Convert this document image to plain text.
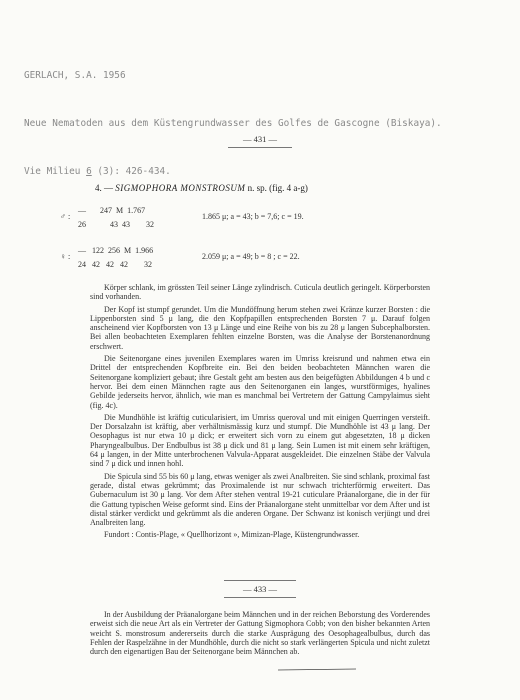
GERLACH, S.A. 1956

Neue Nematoden aus dem Küstengrundwasser des Golfes de Gascogne (Biskaya).

Vie Milieu 6 (3): 426-434.

— 431 —
4. — SIGMOPHORA MONSTROSUM n. sp. (fig. 4 a-g)
♂ :
—       247  M  1.767
26            43  43        32
1.865 μ; a = 43; b = 7,6; c = 19.
♀ :
—   122  256  M  1.966
24   42   42   42        32
2.059 μ; a = 49; b = 8 ; c = 22.

Körper schlank, im grössten Teil seiner Länge zylindrisch. Cuticula deutlich geringelt. Körperborsten sind vorhanden.

Der Kopf ist stumpf gerundet. Um die Mundöffnung herum stehen zwei Kränze kurzer Borsten : die Lippenborsten sind 5 μ lang, die den Kopfpapillen entsprechenden Borsten 7 μ. Darauf folgen anscheinend vier Kopfborsten von 13 μ Länge und eine Reihe von bis zu 28 μ langen Subcephalborsten. Bei allen beobachteten Exemplaren fehlten einzelne Borsten, was die Analyse der Borstenanordnung erschwert.

Die Seitenorgane eines juvenilen Exemplares waren im Umriss kreisrund und nahmen etwa ein Drittel der entsprechenden Kopfbreite ein. Bei den beiden beobachteten Männchen waren die Seitenorgane kompliziert gebaut; ihre Gestalt geht am besten aus den beigefügten Abbildungen 4 b und c hervor. Bei dem einen Männchen ragte aus den Seitenorganen ein langes, wurstförmiges, hyalines Gebilde jederseits hervor, ähnlich, wie man es manchmal bei Vertretern der Gattung Campylaimus sieht (fig. 4c).

Die Mundhöhle ist kräftig cuticularisiert, im Umriss queroval und mit einigen Querringen versteift. Der Dorsalzahn ist kräftig, aber verhältnismässig kurz und stumpf. Die Mundhöhle ist 43 μ lang. Der Oesophagus ist nur etwa 10 μ dick; er erweitert sich vorn zu einem gut abgesetzten, 18 μ dicken Pharyngealbulbus. Der Endbulbus ist 38 μ dick und 81 μ lang. Sein Lumen ist mit einem sehr kräftigen, 64 μ langen, in der Mitte unterbrochenen Valvula-Apparat ausgekleidet. Die einzelnen Stäbe der Valvula sind 7 μ dick und innen hohl.

Die Spicula sind 55 bis 60 μ lang, etwas weniger als zwei Analbreiten. Sie sind schlank, proximal fast gerade, distal etwas gekrümmt; das Proximalende ist nur schwach trichterförmig erweitert. Das Gubernaculum ist 30 μ lang. Vor dem After stehen ventral 19-21 cuticulare Präanalorgane, die in der für die Gattung typischen Weise geformt sind. Eins der Präanalorgane steht unmittelbar vor dem After und ist distal stärker verdickt und gekrümmt als die anderen Organe. Der Schwanz ist konisch verjüngt und drei Analbreiten lang.

Fundort : Contis-Plage, « Quellhorizont », Mimizan-Plage, Küstengrundwasser.

— 433 —

In der Ausbildung der Präanalorgane beim Männchen und in der reichen Beborstung des Vorderendes erweist sich die neue Art als ein Vertreter der Gattung Sigmophora Cobb; von den bisher bekannten Arten weicht S. monstrosum andererseits durch die starke Ausprägung des Oesophagealbulbus, durch das Fehlen der Raspelzähne in der Mundhöhle, durch die nicht so stark verlängerten Spicula und nicht zuletzt durch den eigenartigen Bau der Seitenorgane beim Männchen ab.
